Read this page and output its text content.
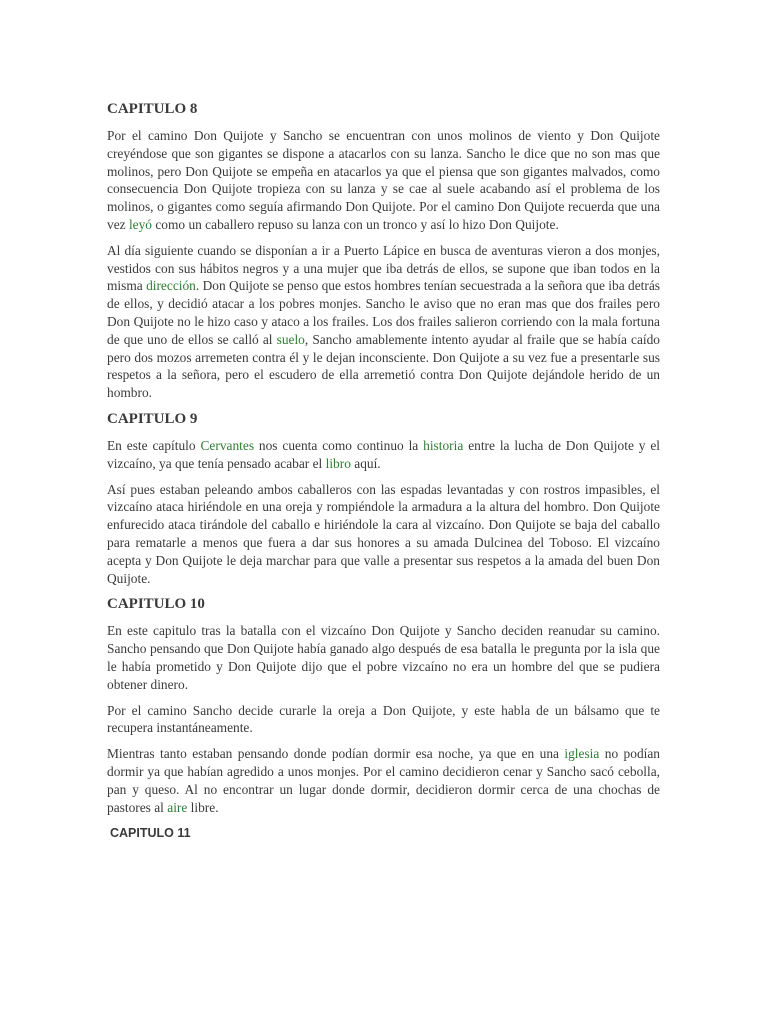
CAPITULO 8

Por el camino Don Quijote y Sancho se encuentran con unos molinos de viento y Don Quijote creyéndose que son gigantes se dispone a atacarlos con su lanza. Sancho le dice que no son mas que molinos, pero Don Quijote se empeña en atacarlos ya que el piensa que son gigantes malvados, como consecuencia Don Quijote tropieza con su lanza y se cae al suele acabando así el problema de los molinos, o gigantes como seguía afirmando Don Quijote. Por el camino Don Quijote recuerda que una vez leyó como un caballero repuso su lanza con un tronco y así lo hizo Don Quijote.

Al día siguiente cuando se disponían a ir a Puerto Lápice en busca de aventuras vieron a dos monjes, vestidos con sus hábitos negros y a una mujer que iba detrás de ellos, se supone que iban todos en la misma dirección. Don Quijote se penso que estos hombres tenían secuestrada a la señora que iba detrás de ellos, y decidió atacar a los pobres monjes. Sancho le aviso que no eran mas que dos frailes pero Don Quijote no le hizo caso y ataco a los frailes. Los dos frailes salieron corriendo con la mala fortuna de que uno de ellos se calló al suelo, Sancho amablemente intento ayudar al fraile que se había caído pero dos mozos arremeten contra él y le dejan inconsciente. Don Quijote a su vez fue a presentarle sus respetos a la señora, pero el escudero de ella arremetió contra Don Quijote dejándole herido de un hombro.

CAPITULO 9

En este capítulo Cervantes nos cuenta como continuo la historia entre la lucha de Don Quijote y el vizcaíno, ya que tenía pensado acabar el libro aquí.

Así pues estaban peleando ambos caballeros con las espadas levantadas y con rostros impasibles, el vizcaíno ataca hiriéndole en una oreja y rompiéndole la armadura a la altura del hombro. Don Quijote enfurecido ataca tirándole del caballo e hiriéndole la cara al vizcaíno. Don Quijote se baja del caballo para rematarle a menos que fuera a dar sus honores a su amada Dulcinea del Toboso. El vizcaíno acepta y Don Quijote le deja marchar para que valle a presentar sus respetos a la amada del buen Don Quijote.

CAPITULO 10

En este capitulo tras la batalla con el vizcaíno Don Quijote y Sancho deciden reanudar su camino. Sancho pensando que Don Quijote había ganado algo después de esa batalla le pregunta por la isla que le había prometido y Don Quijote dijo que el pobre vizcaíno no era un hombre del que se pudiera obtener dinero.

Por el camino Sancho decide curarle la oreja a Don Quijote, y este habla de un bálsamo que te recupera instantáneamente.

Mientras tanto estaban pensando donde podían dormir esa noche, ya que en una iglesia no podían dormir ya que habían agredido a unos monjes. Por el camino decidieron cenar y Sancho sacó cebolla, pan y queso. Al no encontrar un lugar donde dormir, decidieron dormir cerca de una chochas de pastores al aire libre.

CAPITULO 11
